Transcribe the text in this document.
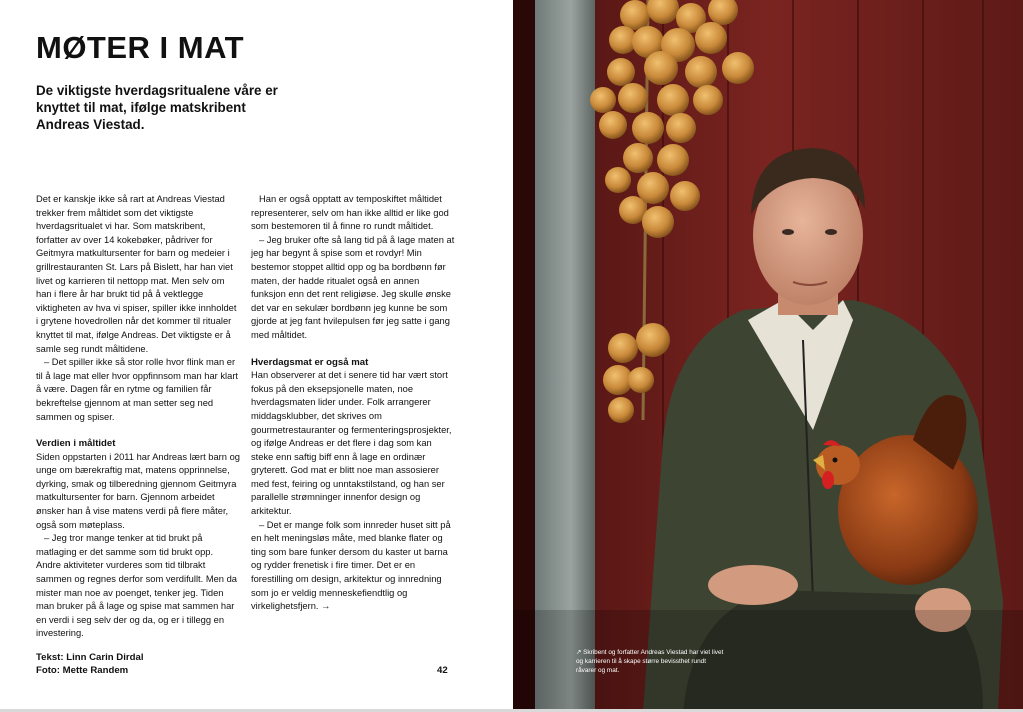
MØTER I MAT

De viktigste hverdagsritualene våre er knyttet til mat, ifølge matskribent Andreas Viestad.

Det er kanskje ikke så rart at Andreas Viestad trekker frem måltidet som det viktigste hverdagsritualet vi har. Som matskribent, forfatter av over 14 kokebøker, pådriver for Geitmyra matkultursenter for barn og medeier i grillrestauranten St. Lars på Bislett, har han viet livet og karrieren til nettopp mat. Men selv om han i flere år har brukt tid på å vektlegge viktigheten av hva vi spiser, spiller ikke innholdet i grytene hovedrollen når det kommer til ritualer knyttet til mat, ifølge Andreas. Det viktigste er å samle seg rundt måltidene.

– Det spiller ikke så stor rolle hvor flink man er til å lage mat eller hvor oppfinnsom man har klart å være. Dagen får en rytme og familien får bekreftelse gjennom at man setter seg ned sammen og spiser.

Verdien i måltidet

Siden oppstarten i 2011 har Andreas lært barn og unge om bærekraftig mat, matens opprinnelse, dyrking, smak og tilberedning gjennom Geitmyra matkultursenter for barn. Gjennom arbeidet ønsker han å vise matens verdi på flere måter, også som møteplass.

– Jeg tror mange tenker at tid brukt på matlaging er det samme som tid brukt opp. Andre aktiviteter vurderes som tid tilbrakt sammen og regnes derfor som verdifullt. Men da mister man noe av poenget, tenker jeg. Tiden man bruker på å lage og spise mat sammen har en verdi i seg selv der og da, og er i tillegg en investering.

Han er også opptatt av temposkiftet måltidet representerer, selv om han ikke alltid er like god som bestemoren til å finne ro rundt måltidet.

– Jeg bruker ofte så lang tid på å lage maten at jeg har begynt å spise som et rovdyr! Min bestemor stoppet alltid opp og ba bordbønn før maten, der hadde ritualet også en annen funksjon enn det rent religiøse. Jeg skulle ønske det var en sekulær bordbønn jeg kunne be som gjorde at jeg fant hvilepulsen før jeg satte i gang med måltidet.

Hverdagsmat er også mat

Han observerer at det i senere tid har vært stort fokus på den eksepsjonelle maten, noe hverdagsmaten lider under. Folk arrangerer middagsklubber, det skrives om gourmetrestauranter og fermenteringsprosjekter, og ifølge Andreas er det flere i dag som kan steke enn saftig biff enn å lage en ordinær gryterett. God mat er blitt noe man assosierer med fest, feiring og unntakstilstand, og han ser parallelle strømninger innenfor design og arkitektur.

– Det er mange folk som innreder huset sitt på en helt meningsløs måte, med blanke flater og ting som bare funker dersom du kaster ut barna og rydder frenetisk i fire timer. Det er en forestilling om design, arkitektur og innredning som jo er veldig menneskefiendtlig og virkelighetsfjern. →

Tekst: Linn Carin Dirdal
Foto: Mette Randem	42
↗ Skribent og forfatter Andreas Viestad har viet livet og karrieren til å skape større bevissthet rundt råvarer og mat.
